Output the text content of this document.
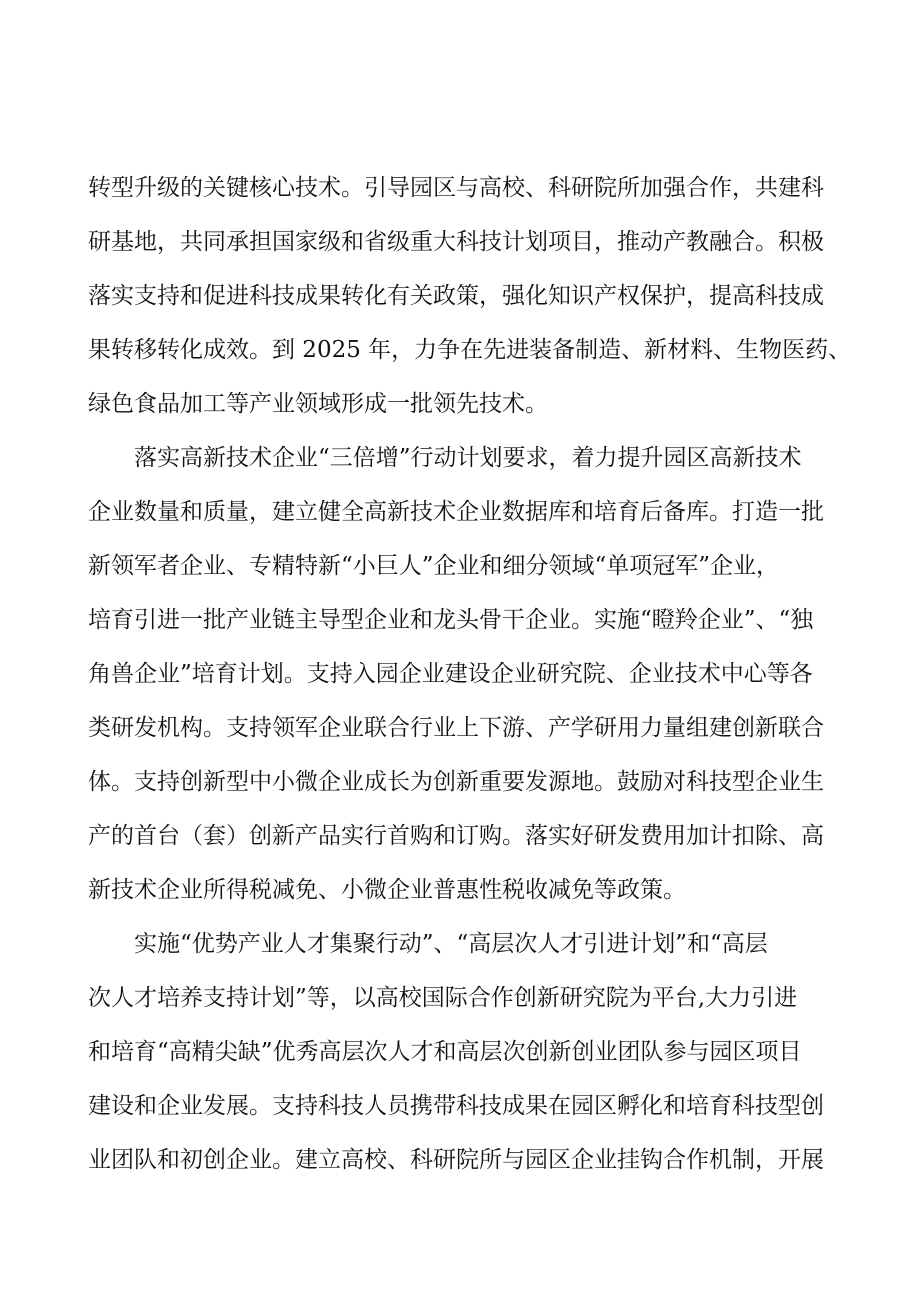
转型升级的关键核心技术。引导园区与高校、科研院所加强合作，共建科
研基地，共同承担国家级和省级重大科技计划项目，推动产教融合。积极
落实支持和促进科技成果转化有关政策，强化知识产权保护，提高科技成
果转移转化成效。到 2025 年，力争在先进装备制造、新材料、生物医药、
绿色食品加工等产业领域形成一批领先技术。
落实高新技术企业“三倍增”行动计划要求，着力提升园区高新技术
企业数量和质量，建立健全高新技术企业数据库和培育后备库。打造一批
新领军者企业、专精特新“小巨人”企业和细分领域“单项冠军”企业，
培育引进一批产业链主导型企业和龙头骨干企业。实施“瞪羚企业”、“独
角兽企业”培育计划。支持入园企业建设企业研究院、企业技术中心等各
类研发机构。支持领军企业联合行业上下游、产学研用力量组建创新联合
体。支持创新型中小微企业成长为创新重要发源地。鼓励对科技型企业生
产的首台（套）创新产品实行首购和订购。落实好研发费用加计扣除、高
新技术企业所得税减免、小微企业普惠性税收减免等政策。
实施“优势产业人才集聚行动”、“高层次人才引进计划”和“高层
次人才培养支持计划”等，以高校国际合作创新研究院为平台,大力引进
和培育“高精尖缺”优秀高层次人才和高层次创新创业团队参与园区项目
建设和企业发展。支持科技人员携带科技成果在园区孵化和培育科技型创
业团队和初创企业。建立高校、科研院所与园区企业挂钩合作机制，开展
